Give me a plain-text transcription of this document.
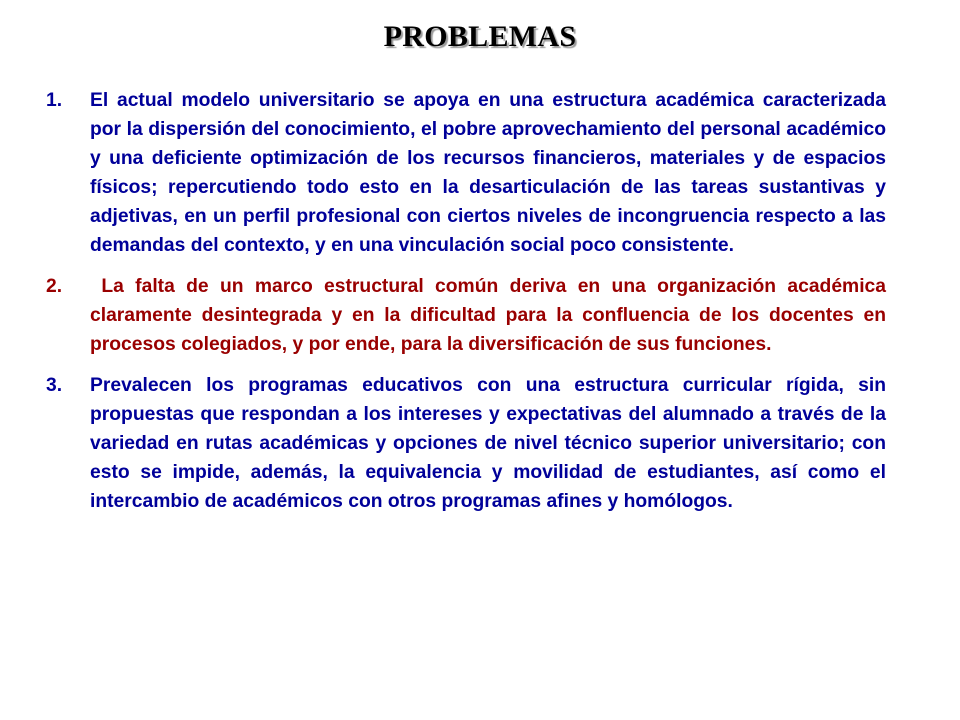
PROBLEMAS
1.	El actual modelo universitario se apoya en una estructura académica caracterizada por la dispersión del conocimiento, el pobre aprovechamiento del personal académico y una deficiente optimización de los recursos financieros, materiales y de espacios físicos; repercutiendo todo esto en la desarticulación de las tareas sustantivas y adjetivas, en un perfil profesional con ciertos niveles de incongruencia respecto a las demandas del contexto, y en una vinculación social poco consistente.
2.	La falta de un marco estructural común deriva en una organización académica claramente desintegrada y en la dificultad para la confluencia de los docentes en procesos colegiados, y por ende, para la diversificación de sus funciones.
3.	Prevalecen los programas educativos con una estructura curricular rígida, sin propuestas que respondan a los intereses y expectativas del alumnado a través de la variedad en rutas académicas y opciones de nivel técnico superior universitario; con esto se impide, además, la equivalencia y movilidad de estudiantes, así como el intercambio de académicos con otros programas afines y homólogos.
